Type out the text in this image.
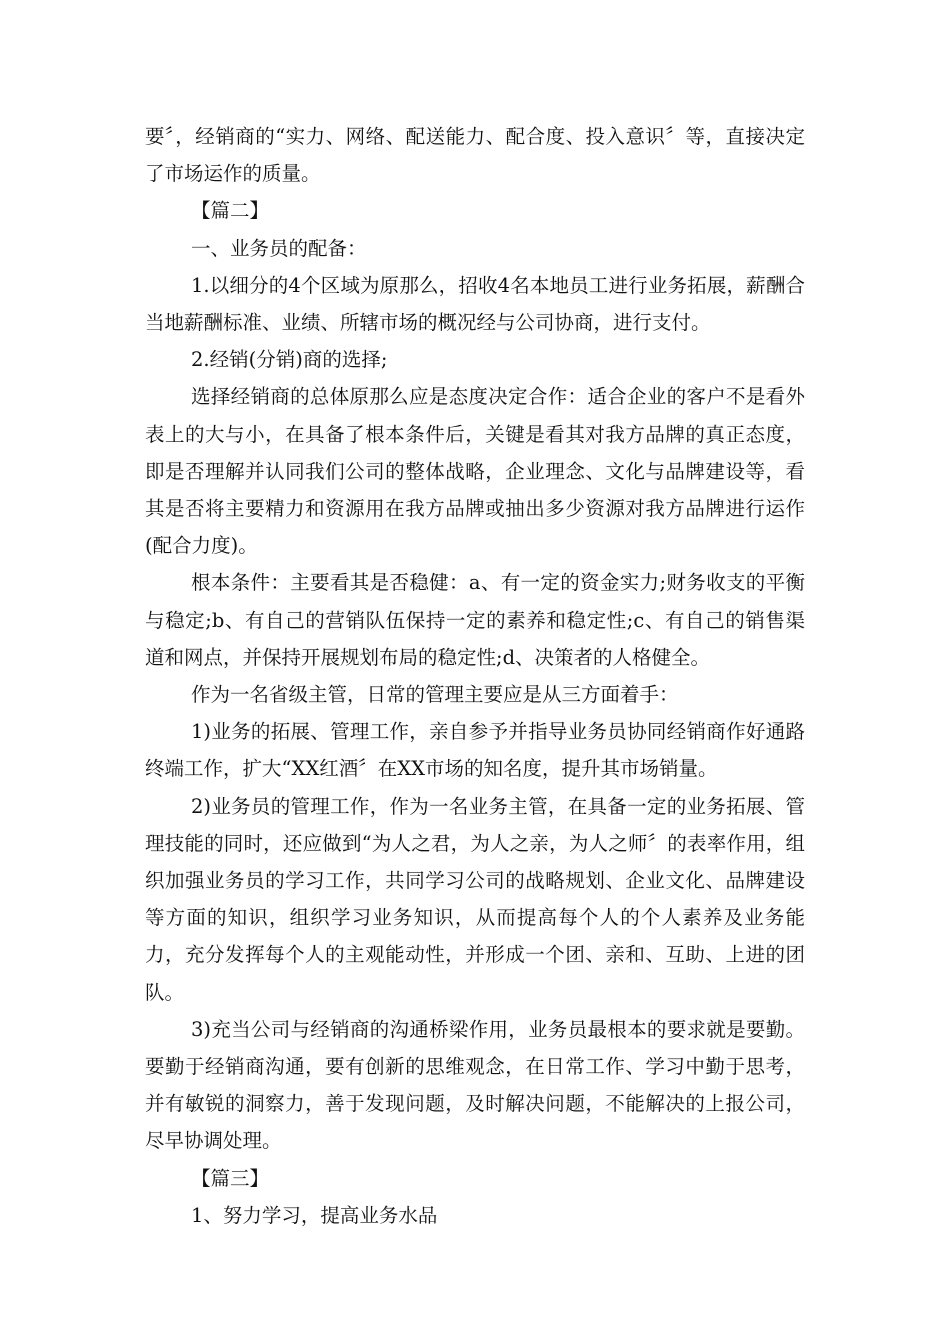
要〞，经销商的“实力、网络、配送能力、配合度、投入意识〞等，直接决定了市场运作的质量。

【篇二】

一、业务员的配备：

1.以细分的4个区域为原那么，招收4名本地员工进行业务拓展，薪酬合当地薪酬标准、业绩、所辖市场的概况经与公司协商，进行支付。

2.经销(分销)商的选择;

选择经销商的总体原那么应是态度决定合作：适合企业的客户不是看外表上的大与小，在具备了根本条件后，关键是看其对我方品牌的真正态度，即是否理解并认同我们公司的整体战略，企业理念、文化与品牌建设等，看其是否将主要精力和资源用在我方品牌或抽出多少资源对我方品牌进行运作(配合力度)。

根本条件：主要看其是否稳健：a、有一定的资金实力;财务收支的平衡与稳定;b、有自己的营销队伍保持一定的素养和稳定性;c、有自己的销售渠道和网点，并保持开展规划布局的稳定性;d、决策者的人格健全。

作为一名省级主管，日常的管理主要应是从三方面着手：

1)业务的拓展、管理工作，亲自参予并指导业务员协同经销商作好通路终端工作，扩大“XX红酒〞在XX市场的知名度，提升其市场销量。

2)业务员的管理工作，作为一名业务主管，在具备一定的业务拓展、管理技能的同时，还应做到“为人之君，为人之亲，为人之师〞的表率作用，组织加强业务员的学习工作，共同学习公司的战略规划、企业文化、品牌建设等方面的知识，组织学习业务知识，从而提高每个人的个人素养及业务能力，充分发挥每个人的主观能动性，并形成一个团、亲和、互助、上进的团队。

3)充当公司与经销商的沟通桥梁作用，业务员最根本的要求就是要勤。要勤于经销商沟通，要有创新的思维观念，在日常工作、学习中勤于思考，并有敏锐的洞察力，善于发现问题，及时解决问题，不能解决的上报公司，尽早协调处理。

【篇三】

1、努力学习，提高业务水品
